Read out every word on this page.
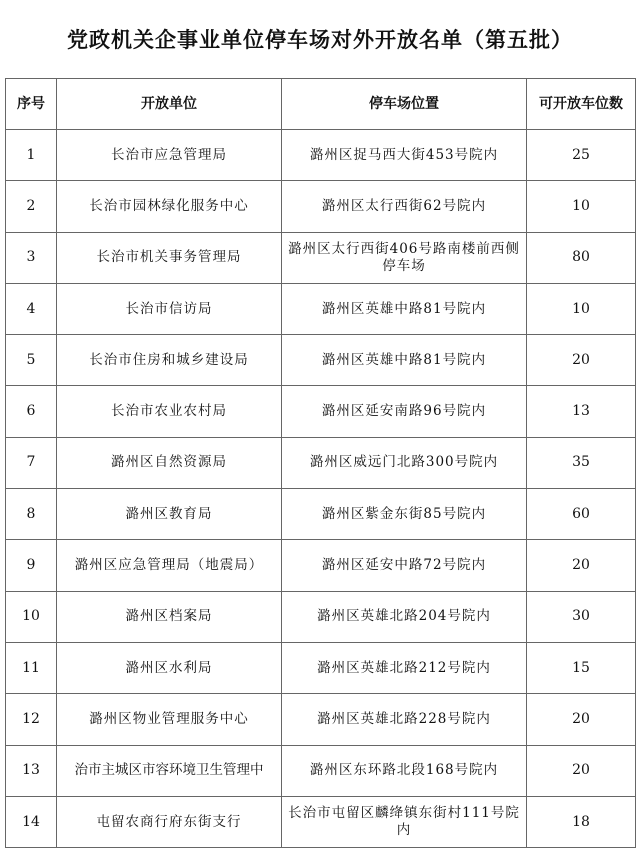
党政机关企事业单位停车场对外开放名单（第五批）
序号	开放单位	停车场位置	可开放车位数
1	长治市应急管理局	潞州区捉马西大街453号院内	25
2	长治市园林绿化服务中心	潞州区太行西街62号院内	10
3	长治市机关事务管理局	潞州区太行西街406号路南楼前西侧停车场	80
4	长治市信访局	潞州区英雄中路81号院内	10
5	长治市住房和城乡建设局	潞州区英雄中路81号院内	20
6	长治市农业农村局	潞州区延安南路96号院内	13
7	潞州区自然资源局	潞州区威远门北路300号院内	35
8	潞州区教育局	潞州区紫金东街85号院内	60
9	潞州区应急管理局（地震局）	潞州区延安中路72号院内	20
10	潞州区档案局	潞州区英雄北路204号院内	30
11	潞州区水利局	潞州区英雄北路212号院内	15
12	潞州区物业管理服务中心	潞州区英雄北路228号院内	20
13	治市主城区市容环境卫生管理中	潞州区东环路北段168号院内	20
14	屯留农商行府东街支行	长治市屯留区麟绛镇东街村111号院内	18
